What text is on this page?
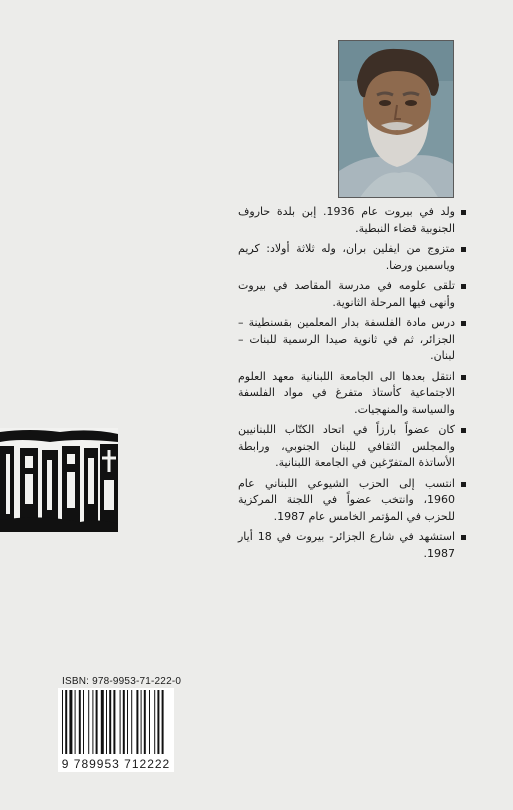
ولد في بيروت عام 1936. إبن بلدة حاروف الجنوبية قضاء النبطية.
متزوج من ايفلين بران، وله ثلاثة أولاد: كريم وياسمين ورضا.
تلقى علومه في مدرسة المقاصد في بيروت وأنهى فيها المرحلة الثانوية.
درس مادة الفلسفة بدار المعلمين بقسنطينة – الجزائر، ثم في ثانوية صيدا الرسمية للبنات – لبنان.
انتقل بعدها الى الجامعة اللبنانية معهد العلوم الاجتماعية كأستاذ متفرغ في مواد الفلسفة والسياسة والمنهجيات.
كان عضواً بارزاً في اتحاد الكتّاب اللبنانيين والمجلس الثقافي للبنان الجنوبي، ورابطة الأساتذة المتفرّغين في الجامعة اللبنانية.
انتسب إلى الحزب الشيوعي اللبناني عام 1960، وانتخب عضواً في اللجنة المركزية للحزب في المؤتمر الخامس عام 1987.
استشهد في شارع الجزائر- بيروت في 18 أيار 1987.
ISBN: 978-9953-71-222-0
9 789953 712222
